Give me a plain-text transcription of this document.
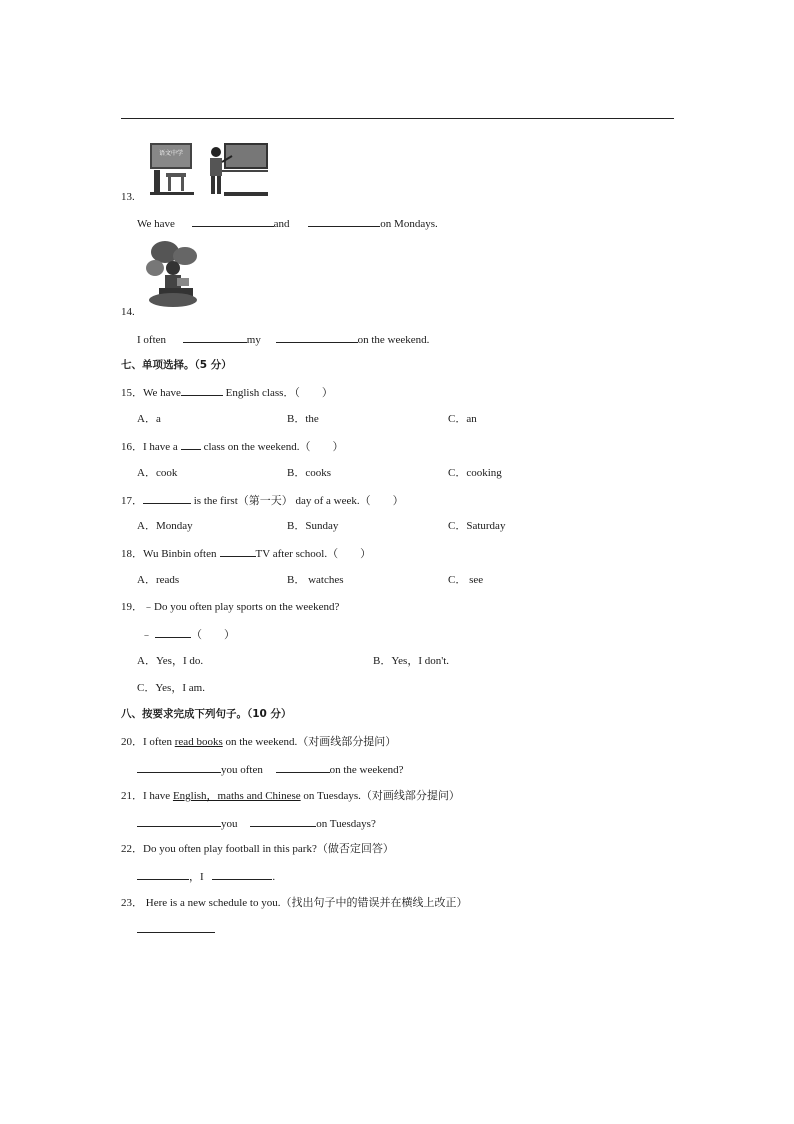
语文中学
13.
We have	and	on Mondays.
14.
I often	my	on the weekend.
七、单项选择。（5 分）
15．We have	English class．（　　）
A．a	B．the	C．an
16．I have a class on the weekend.（　　）
A．cook	B．cooks	C．cooking
17．	is the first（第一天） day of a week.（　　）
A．Monday	B．Sunday	C．Saturday
18．Wu Binbin often	TV after school.（　　）
A．reads	B． watches	C． see
19．﹣Do you often play sports on the weekend?
﹣	（　　）
A．Yes，I do.	B．Yes，I don't.
C．Yes，I am.
八、按要求完成下列句子。（10 分）
20．I often read books on the weekend.（对画线部分提问）
you often	on the weekend?
21．I have English，maths and Chinese on Tuesdays.（对画线部分提问）
you	on Tuesdays?
22．Do you often play football in this park?（做否定回答）
，I	.
23． Here is a new schedule to you.（找出句子中的错误并在横线上改正）
